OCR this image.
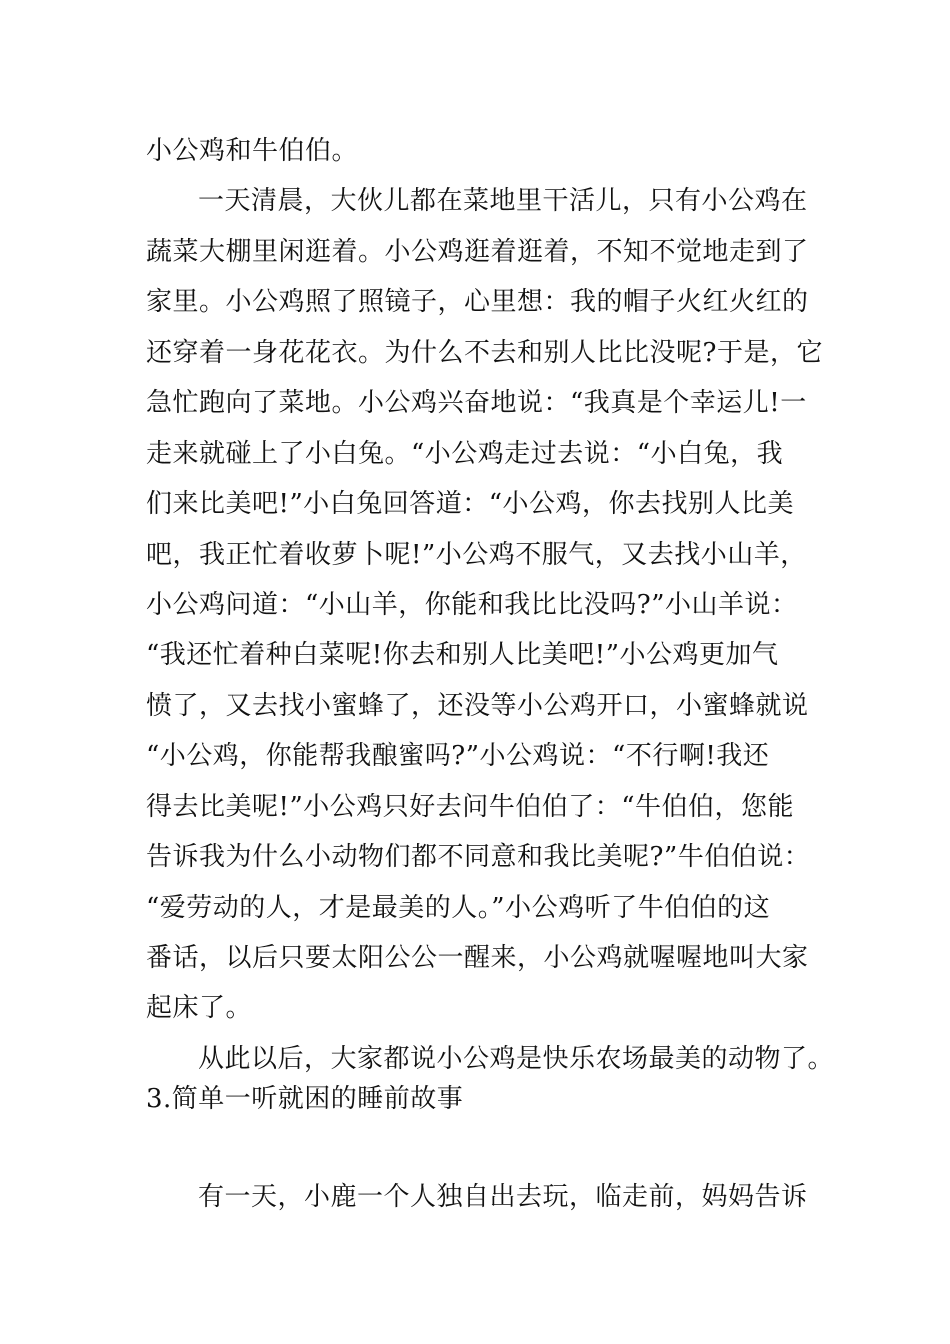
小公鸡和牛伯伯。
一天清晨，大伙儿都在菜地里干活儿，只有小公鸡在
蔬菜大棚里闲逛着。小公鸡逛着逛着，不知不觉地走到了
家里。小公鸡照了照镜子，心里想：我的帽子火红火红的
还穿着一身花花衣。为什么不去和别人比比没呢?于是，它
急忙跑向了菜地。小公鸡兴奋地说：“我真是个幸运儿!一
走来就碰上了小白兔。“小公鸡走过去说：“小白兔，我
们来比美吧!”小白兔回答道：“小公鸡，你去找别人比美
吧，我正忙着收萝卜呢!”小公鸡不服气，又去找小山羊，
小公鸡问道：“小山羊，你能和我比比没吗?”小山羊说：
“我还忙着种白菜呢!你去和别人比美吧!”小公鸡更加气
愤了，又去找小蜜蜂了，还没等小公鸡开口，小蜜蜂就说
“小公鸡，你能帮我酿蜜吗?”小公鸡说：“不行啊!我还
得去比美呢!”小公鸡只好去问牛伯伯了：“牛伯伯，您能
告诉我为什么小动物们都不同意和我比美呢?”牛伯伯说：
“爱劳动的人，才是最美的人。”小公鸡听了牛伯伯的这
番话，以后只要太阳公公一醒来，小公鸡就喔喔地叫大家
起床了。
从此以后，大家都说小公鸡是快乐农场最美的动物了。
3.简单一听就困的睡前故事
有一天，小鹿一个人独自出去玩，临走前，妈妈告诉
